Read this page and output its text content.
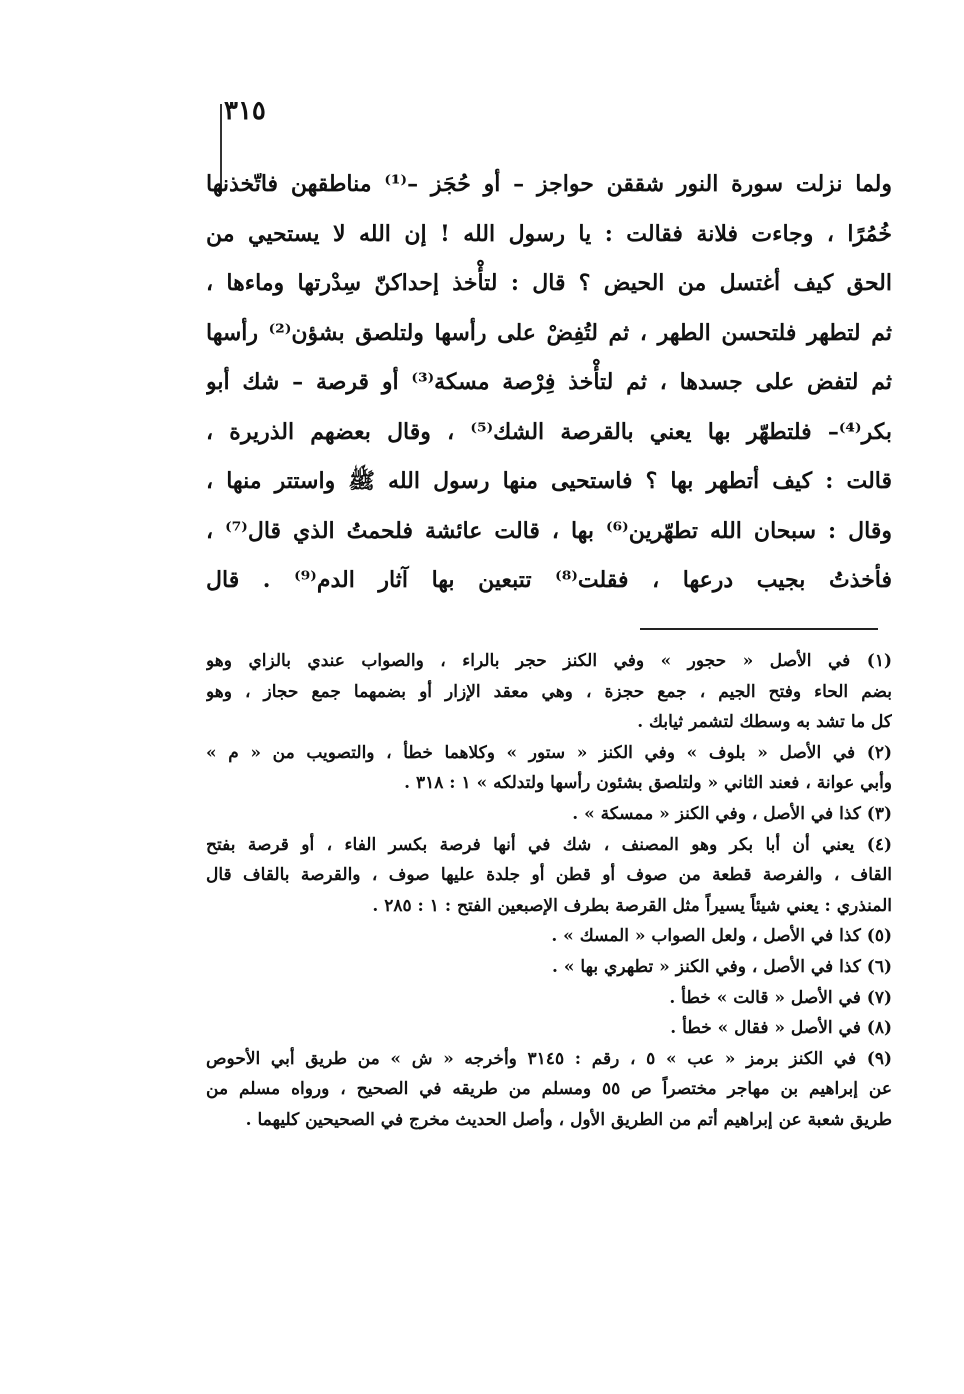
٣١٥
ولما نزلت سورة النور شققن حواجز – أو حُجَز –⁽¹⁾ مناطقهن فاتّخذنها
خُمُرًا ، وجاءت فلانة فقالت : يا رسول الله ! إن الله لا يستحيي من
الحق كيف أغتسل من الحيض ؟ قال : لتأْخذ إحداكنّ سِدْرتها وماءها ،
ثم لتطهر فلتحسن الطهر ، ثم لتُفِضْ على رأسها ولتلصق بشؤن⁽²⁾ رأسها
ثم لتفض على جسدها ، ثم لتأْخذ فِرْصة مسكة⁽³⁾ أو قرصة – شك أبو
بكر⁽⁴⁾– فلتطهّر بها يعني بالقرصة الشك⁽⁵⁾ ، وقال بعضهم الذريرة ،
قالت : كيف أتطهر بها ؟ فاستحيى منها رسول الله ﷺ واستتر منها ،
وقال : سبحان الله تطهّرين⁽⁶⁾ بها ، قالت عائشة فلحمتُ الذي قال⁽⁷⁾ ،
فأخذتُ بجيب درعها ، فقلت⁽⁸⁾ تتبعين بها آثار الدم⁽⁹⁾ . قال
(١) في الأصل « حجور » وفي الكنز حجر بالراء ، والصواب عندي بالزاي وهو
بضم الحاء وفتح الجيم ، جمع حجزة ، وهي معقد الإزار أو بضمهما جمع حجاز ، وهو
كل ما تشد به وسطك لتشمر ثيابك .
(٢) في الأصل « بلوف » وفي الكنز « ستور » وكلاهما خطأ ، والتصويب من « م »
وأبي عوانة ، فعند الثاني « ولتلصق بشئون رأسها ولتدلكه » ١ : ٣١٨ .
(٣) كذا في الأصل ، وفي الكنز « ممسكة » .
(٤) يعني أن أبا بكر وهو المصنف ، شك في أنها فرصة بكسر الفاء ، أو قرصة بفتح
القاف ، والفرصة قطعة من صوف أو قطن أو جلدة عليها صوف ، والقرصة بالقاف قال
المنذري : يعني شيئاً يسيراً مثل القرصة بطرف الإصبعين الفتح : ١ : ٢٨٥ .
(٥) كذا في الأصل ، ولعل الصواب « المسك » .
(٦) كذا في الأصل ، وفي الكنز « تطهري بها » .
(٧) في الأصل « قالت » خطأ .
(٨) في الأصل « فقال » خطأ .
(٩) في الكنز برمز « عب » ٥ ، رقم : ٣١٤٥ وأخرجه « ش » من طريق أبي الأحوص
عن إبراهيم بن مهاجر مختصراً ص ٥٥ ومسلم من طريقه في الصحيح ، ورواه مسلم من
طريق شعبة عن إبراهيم أتم من الطريق الأول ، وأصل الحديث مخرج في الصحيحين كليهما .
